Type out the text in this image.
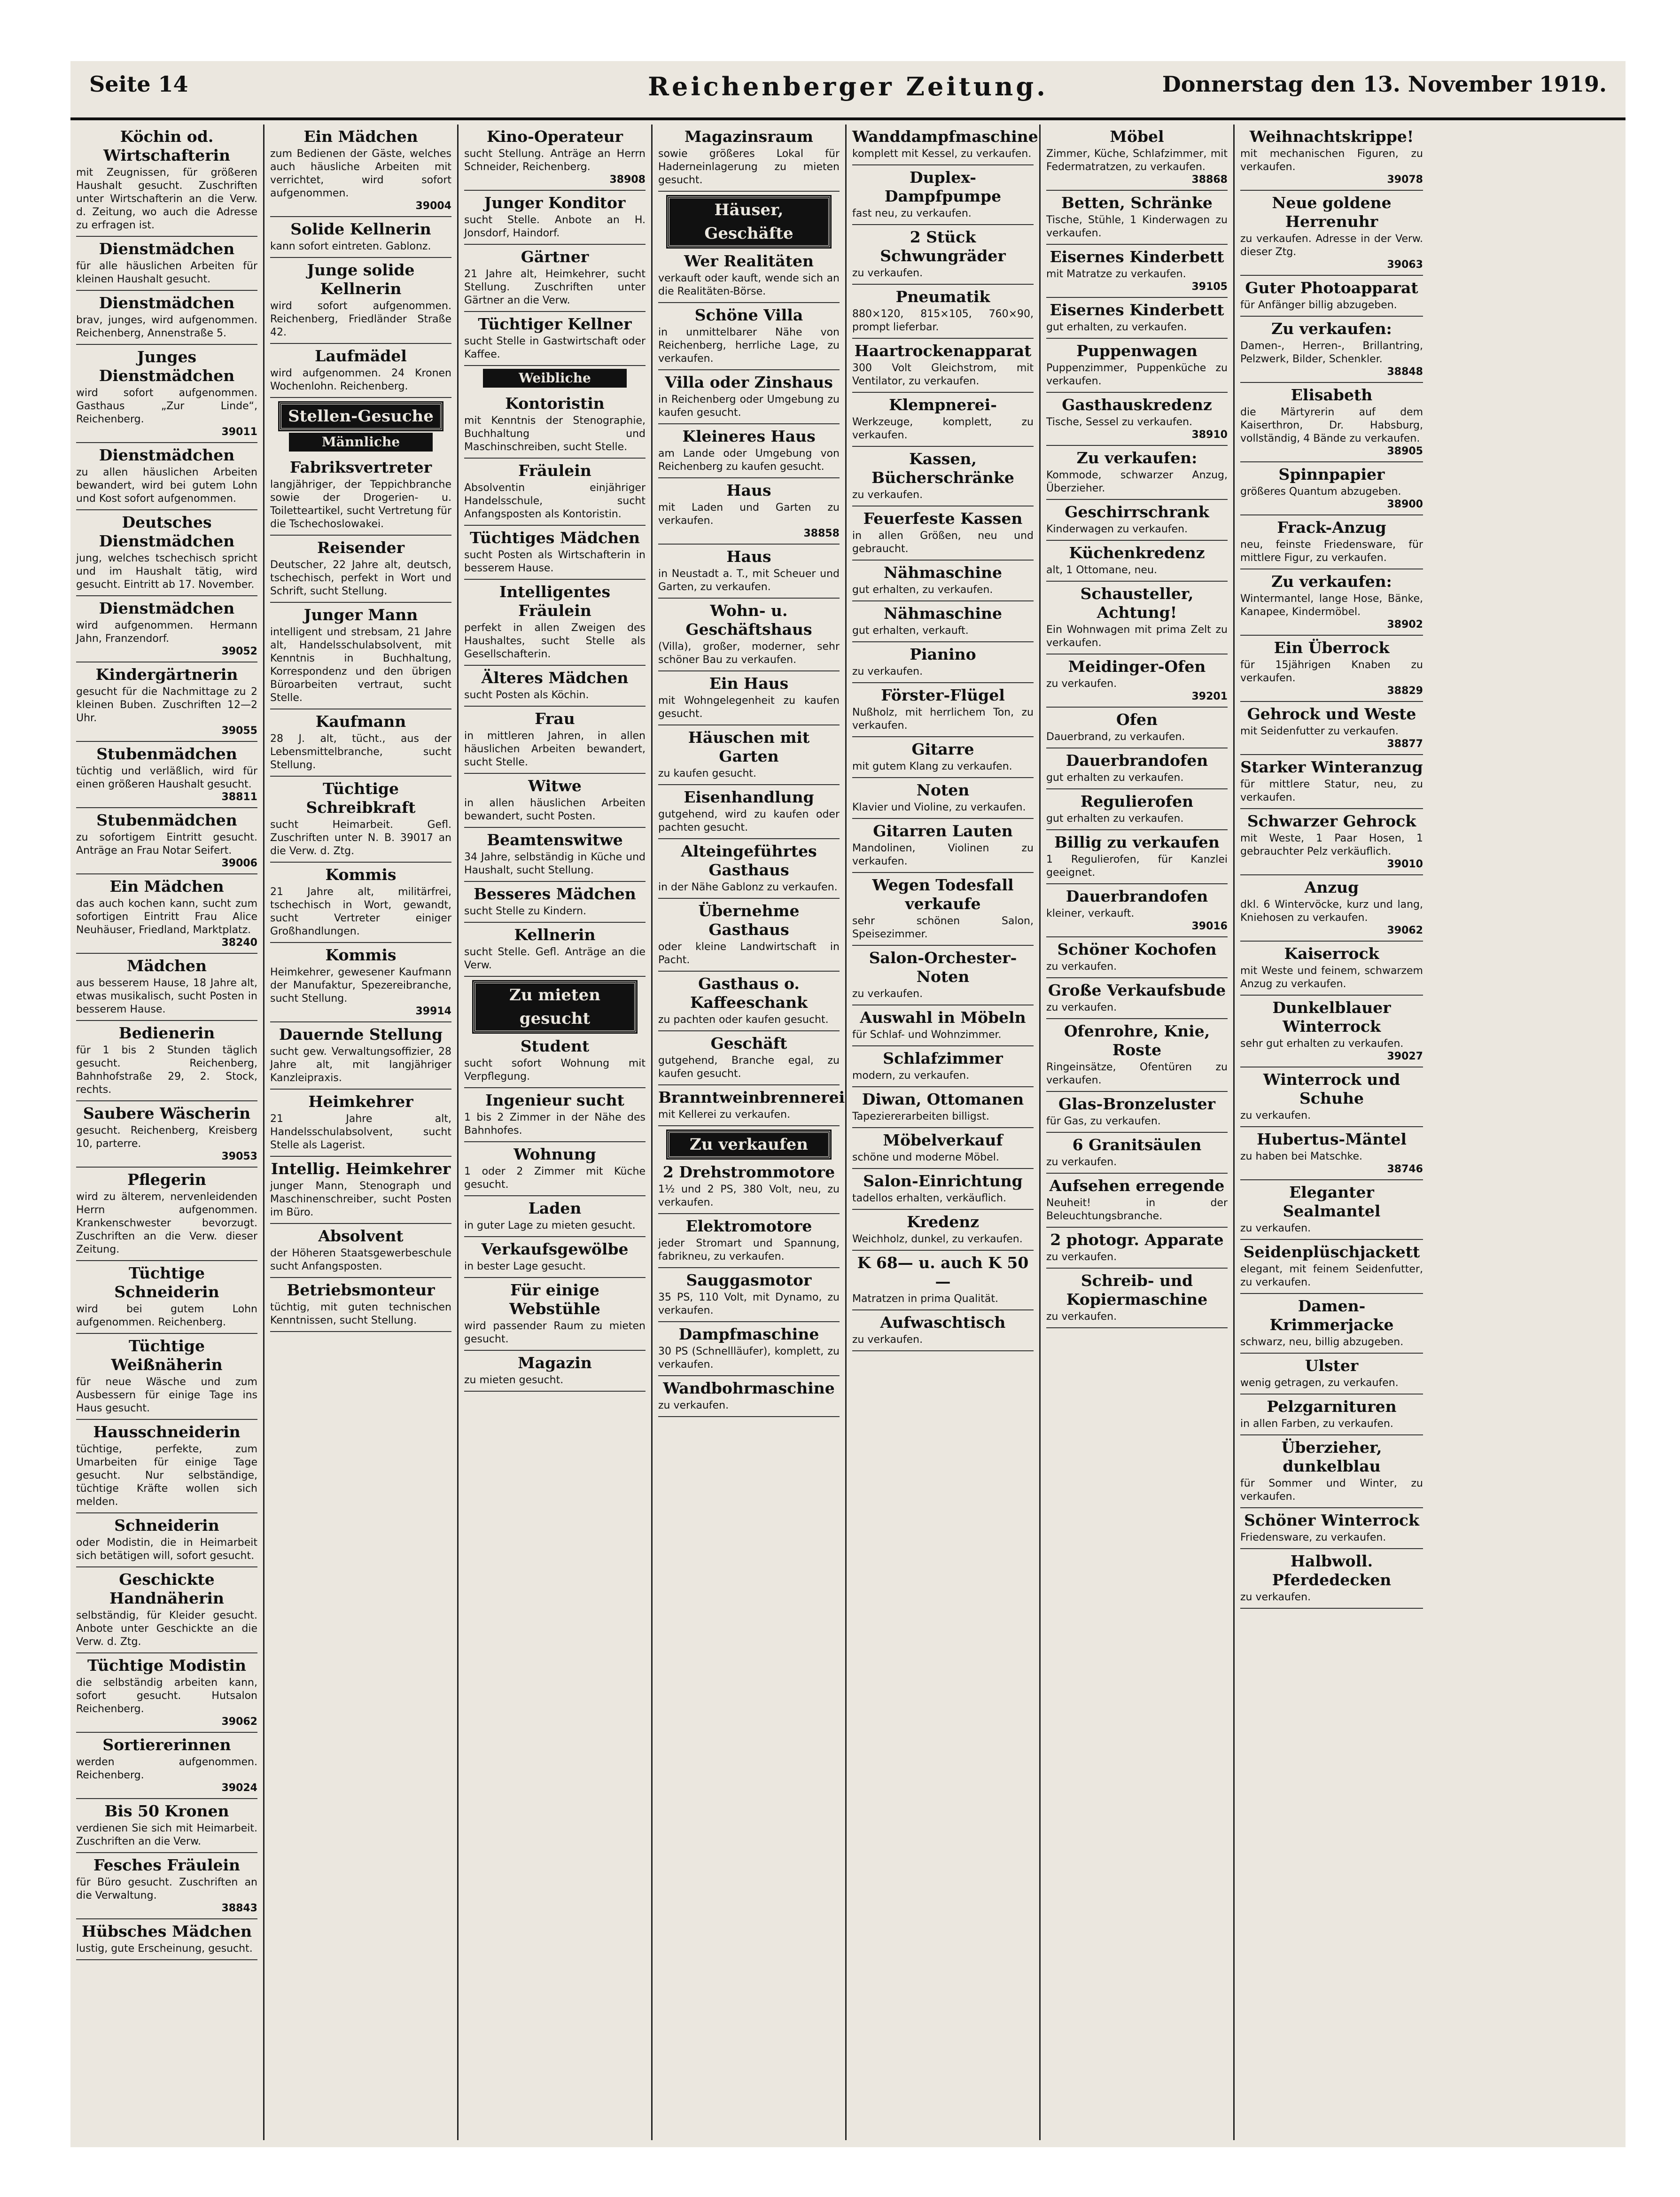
Seite 14	Reichenberger Zeitung.	Donnerstag den 13. November 1919.
Köchin od. Wirtschafterin
mit Zeugnissen, für größeren Haushalt gesucht. Zuschriften unter Wirtschafterin an die Verw. d. Zeitung, wo auch die Adresse zu erfragen ist.
Dienstmädchen
für alle häuslichen Arbeiten für kleinen Haushalt gesucht.
Dienstmädchen
brav, junges, wird aufgenommen. Reichenberg, Annenstraße 5.
Junges Dienstmädchen
wird sofort aufgenommen. Gasthaus „Zur Linde“, Reichenberg.
39011
Dienstmädchen
zu allen häuslichen Arbeiten bewandert, wird bei gutem Lohn und Kost sofort aufgenommen.
Deutsches Dienstmädchen
jung, welches tschechisch spricht und im Haushalt tätig, wird gesucht. Eintritt ab 17. November.
Dienstmädchen
wird aufgenommen. Hermann Jahn, Franzendorf.
39052
Kindergärtnerin
gesucht für die Nachmittage zu 2 kleinen Buben. Zuschriften 12—2 Uhr.
39055
Stubenmädchen
tüchtig und verläßlich, wird für einen größeren Haushalt gesucht.
38811
Stubenmädchen
zu sofortigem Eintritt gesucht. Anträge an Frau Notar Seifert.
39006
Ein Mädchen
das auch kochen kann, sucht zum sofortigen Eintritt Frau Alice Neuhäuser, Friedland, Marktplatz.
38240
Mädchen
aus besserem Hause, 18 Jahre alt, etwas musikalisch, sucht Posten in besserem Hause.
Bedienerin
für 1 bis 2 Stunden täglich gesucht. Reichenberg, Bahnhofstraße 29, 2. Stock, rechts.
Saubere Wäscherin
gesucht. Reichenberg, Kreisberg 10, parterre.
39053
Pflegerin
wird zu älterem, nervenleidenden Herrn aufgenommen. Krankenschwester bevorzugt. Zuschriften an die Verw. dieser Zeitung.
Tüchtige Schneiderin
wird bei gutem Lohn aufgenommen. Reichenberg.
Tüchtige Weißnäherin
für neue Wäsche und zum Ausbessern für einige Tage ins Haus gesucht.
Hausschneiderin
tüchtige, perfekte, zum Umarbeiten für einige Tage gesucht. Nur selbständige, tüchtige Kräfte wollen sich melden.
Schneiderin
oder Modistin, die in Heimarbeit sich betätigen will, sofort gesucht.
Geschickte Handnäherin
selbständig, für Kleider gesucht. Anbote unter Geschickte an die Verw. d. Ztg.
Tüchtige Modistin
die selbständig arbeiten kann, sofort gesucht. Hutsalon Reichenberg.
39062
Sortiererinnen
werden aufgenommen. Reichenberg.
39024
Bis 50 Kronen
verdienen Sie sich mit Heimarbeit. Zuschriften an die Verw.
Fesches Fräulein
für Büro gesucht. Zuschriften an die Verwaltung.
38843
Hübsches Mädchen
lustig, gute Erscheinung, gesucht.
Ein Mädchen
zum Bedienen der Gäste, welches auch häusliche Arbeiten mit verrichtet, wird sofort aufgenommen.
39004
Solide Kellnerin
kann sofort eintreten. Gablonz.
Junge solide Kellnerin
wird sofort aufgenommen. Reichenberg, Friedländer Straße 42.
Laufmädel
wird aufgenommen. 24 Kronen Wochenlohn. Reichenberg.
Stellen-Gesuche
Männliche
Fabriksvertreter
langjähriger, der Teppichbranche sowie der Drogerien- u. Toiletteartikel, sucht Vertretung für die Tschechoslowakei.
Reisender
Deutscher, 22 Jahre alt, deutsch, tschechisch, perfekt in Wort und Schrift, sucht Stellung.
Junger Mann
intelligent und strebsam, 21 Jahre alt, Handelsschulabsolvent, mit Kenntnis in Buchhaltung, Korrespondenz und den übrigen Büroarbeiten vertraut, sucht Stelle.
Kaufmann
28 J. alt, tücht., aus der Lebensmittelbranche, sucht Stellung.
Tüchtige Schreibkraft
sucht Heimarbeit. Gefl. Zuschriften unter N. B. 39017 an die Verw. d. Ztg.
Kommis
21 Jahre alt, militärfrei, tschechisch in Wort, gewandt, sucht Vertreter einiger Großhandlungen.
Kommis
Heimkehrer, gewesener Kaufmann der Manufaktur, Spezereibranche, sucht Stellung.
39914
Dauernde Stellung
sucht gew. Verwaltungsoffizier, 28 Jahre alt, mit langjähriger Kanzleipraxis.
Heimkehrer
21 Jahre alt, Handelsschulabsolvent, sucht Stelle als Lagerist.
Intellig. Heimkehrer
junger Mann, Stenograph und Maschinenschreiber, sucht Posten im Büro.
Absolvent
der Höheren Staatsgewerbeschule sucht Anfangsposten.
Betriebsmonteur
tüchtig, mit guten technischen Kenntnissen, sucht Stellung.
Kino-Operateur
sucht Stellung. Anträge an Herrn Schneider, Reichenberg.
38908
Junger Konditor
sucht Stelle. Anbote an H. Jonsdorf, Haindorf.
Gärtner
21 Jahre alt, Heimkehrer, sucht Stellung. Zuschriften unter Gärtner an die Verw.
Tüchtiger Kellner
sucht Stelle in Gastwirtschaft oder Kaffee.
Weibliche
Kontoristin
mit Kenntnis der Stenographie, Buchhaltung und Maschinschreiben, sucht Stelle.
Fräulein
Absolventin einjähriger Handelsschule, sucht Anfangsposten als Kontoristin.
Tüchtiges Mädchen
sucht Posten als Wirtschafterin in besserem Hause.
Intelligentes Fräulein
perfekt in allen Zweigen des Haushaltes, sucht Stelle als Gesellschafterin.
Älteres Mädchen
sucht Posten als Köchin.
Frau
in mittleren Jahren, in allen häuslichen Arbeiten bewandert, sucht Stelle.
Witwe
in allen häuslichen Arbeiten bewandert, sucht Posten.
Beamtenswitwe
34 Jahre, selbständig in Küche und Haushalt, sucht Stellung.
Besseres Mädchen
sucht Stelle zu Kindern.
Kellnerin
sucht Stelle. Gefl. Anträge an die Verw.
Zu mieten gesucht
Student
sucht sofort Wohnung mit Verpflegung.
Ingenieur sucht
1 bis 2 Zimmer in der Nähe des Bahnhofes.
Wohnung
1 oder 2 Zimmer mit Küche gesucht.
Laden
in guter Lage zu mieten gesucht.
Verkaufsgewölbe
in bester Lage gesucht.
Für einige Webstühle
wird passender Raum zu mieten gesucht.
Magazin
zu mieten gesucht.
Magazinsraum
sowie größeres Lokal für Haderneinlagerung zu mieten gesucht.
Häuser, Geschäfte
Wer Realitäten
verkauft oder kauft, wende sich an die Realitäten-Börse.
Schöne Villa
in unmittelbarer Nähe von Reichenberg, herrliche Lage, zu verkaufen.
Villa oder Zinshaus
in Reichenberg oder Umgebung zu kaufen gesucht.
Kleineres Haus
am Lande oder Umgebung von Reichenberg zu kaufen gesucht.
Haus
mit Laden und Garten zu verkaufen.
38858
Haus
in Neustadt a. T., mit Scheuer und Garten, zu verkaufen.
Wohn- u. Geschäftshaus
(Villa), großer, moderner, sehr schöner Bau zu verkaufen.
Ein Haus
mit Wohngelegenheit zu kaufen gesucht.
Häuschen mit Garten
zu kaufen gesucht.
Eisenhandlung
gutgehend, wird zu kaufen oder pachten gesucht.
Alteingeführtes Gasthaus
in der Nähe Gablonz zu verkaufen.
Übernehme Gasthaus
oder kleine Landwirtschaft in Pacht.
Gasthaus o. Kaffeeschank
zu pachten oder kaufen gesucht.
Geschäft
gutgehend, Branche egal, zu kaufen gesucht.
Branntweinbrennerei
mit Kellerei zu verkaufen.
Zu verkaufen
2 Drehstrommotore
1½ und 2 PS, 380 Volt, neu, zu verkaufen.
Elektromotore
jeder Stromart und Spannung, fabrikneu, zu verkaufen.
Sauggasmotor
35 PS, 110 Volt, mit Dynamo, zu verkaufen.
Dampfmaschine
30 PS (Schnellläufer), komplett, zu verkaufen.
Wandbohrmaschine
zu verkaufen.
Wanddampfmaschine
komplett mit Kessel, zu verkaufen.
Duplex-Dampfpumpe
fast neu, zu verkaufen.
2 Stück Schwungräder
zu verkaufen.
Pneumatik
880×120, 815×105, 760×90, prompt lieferbar.
Haartrockenapparat
300 Volt Gleichstrom, mit Ventilator, zu verkaufen.
Klempnerei-
Werkzeuge, komplett, zu verkaufen.
Kassen, Bücherschränke
zu verkaufen.
Feuerfeste Kassen
in allen Größen, neu und gebraucht.
Nähmaschine
gut erhalten, zu verkaufen.
Nähmaschine
gut erhalten, verkauft.
Pianino
zu verkaufen.
Förster-Flügel
Nußholz, mit herrlichem Ton, zu verkaufen.
Gitarre
mit gutem Klang zu verkaufen.
Noten
Klavier und Violine, zu verkaufen.
Gitarren Lauten
Mandolinen, Violinen zu verkaufen.
Wegen Todesfall verkaufe
sehr schönen Salon, Speisezimmer.
Salon-Orchester-Noten
zu verkaufen.
Auswahl in Möbeln
für Schlaf- und Wohnzimmer.
Schlafzimmer
modern, zu verkaufen.
Diwan, Ottomanen
Tapeziererarbeiten billigst.
Möbelverkauf
schöne und moderne Möbel.
Salon-Einrichtung
tadellos erhalten, verkäuflich.
Kredenz
Weichholz, dunkel, zu verkaufen.
K 68— u. auch K 50—
Matratzen in prima Qualität.
Aufwaschtisch
zu verkaufen.
Möbel
Zimmer, Küche, Schlafzimmer, mit Federmatratzen, zu verkaufen.
38868
Betten, Schränke
Tische, Stühle, 1 Kinderwagen zu verkaufen.
Eisernes Kinderbett
mit Matratze zu verkaufen.
39105
Eisernes Kinderbett
gut erhalten, zu verkaufen.
Puppenwagen
Puppenzimmer, Puppenküche zu verkaufen.
Gasthauskredenz
Tische, Sessel zu verkaufen.
38910
Zu verkaufen:
Kommode, schwarzer Anzug, Überzieher.
Geschirrschrank
Kinderwagen zu verkaufen.
Küchenkredenz
alt, 1 Ottomane, neu.
Schausteller, Achtung!
Ein Wohnwagen mit prima Zelt zu verkaufen.
Meidinger-Ofen
zu verkaufen.
39201
Ofen
Dauerbrand, zu verkaufen.
Dauerbrandofen
gut erhalten zu verkaufen.
Regulierofen
gut erhalten zu verkaufen.
Billig zu verkaufen
1 Regulierofen, für Kanzlei geeignet.
Dauerbrandofen
kleiner, verkauft.
39016
Schöner Kochofen
zu verkaufen.
Große Verkaufsbude
zu verkaufen.
Ofenrohre, Knie, Roste
Ringeinsätze, Ofentüren zu verkaufen.
Glas-Bronzeluster
für Gas, zu verkaufen.
6 Granitsäulen
zu verkaufen.
Aufsehen erregende
Neuheit! in der Beleuchtungsbranche.
2 photogr. Apparate
zu verkaufen.
Schreib- und Kopiermaschine
zu verkaufen.
Weihnachtskrippe!
mit mechanischen Figuren, zu verkaufen.
39078
Neue goldene Herrenuhr
zu verkaufen. Adresse in der Verw. dieser Ztg.
39063
Guter Photoapparat
für Anfänger billig abzugeben.
Zu verkaufen:
Damen-, Herren-, Brillantring, Pelzwerk, Bilder, Schenkler.
38848
Elisabeth
die Märtyrerin auf dem Kaiserthron, Dr. Habsburg, vollständig, 4 Bände zu verkaufen.
38905
Spinnpapier
größeres Quantum abzugeben.
38900
Frack-Anzug
neu, feinste Friedensware, für mittlere Figur, zu verkaufen.
Zu verkaufen:
Wintermantel, lange Hose, Bänke, Kanapee, Kindermöbel.
38902
Ein Überrock
für 15jährigen Knaben zu verkaufen.
38829
Gehrock und Weste
mit Seidenfutter zu verkaufen.
38877
Starker Winteranzug
für mittlere Statur, neu, zu verkaufen.
Schwarzer Gehrock
mit Weste, 1 Paar Hosen, 1 gebrauchter Pelz verkäuflich.
39010
Anzug
dkl. 6 Wintervöcke, kurz und lang, Kniehosen zu verkaufen.
39062
Kaiserrock
mit Weste und feinem, schwarzem Anzug zu verkaufen.
Dunkelblauer Winterrock
sehr gut erhalten zu verkaufen.
39027
Winterrock und Schuhe
zu verkaufen.
Hubertus-Mäntel
zu haben bei Matschke.
38746
Eleganter Sealmantel
zu verkaufen.
Seidenplüschjackett
elegant, mit feinem Seidenfutter, zu verkaufen.
Damen-Krimmerjacke
schwarz, neu, billig abzugeben.
Ulster
wenig getragen, zu verkaufen.
Pelzgarnituren
in allen Farben, zu verkaufen.
Überzieher, dunkelblau
für Sommer und Winter, zu verkaufen.
Schöner Winterrock
Friedensware, zu verkaufen.
Halbwoll. Pferdedecken
zu verkaufen.
